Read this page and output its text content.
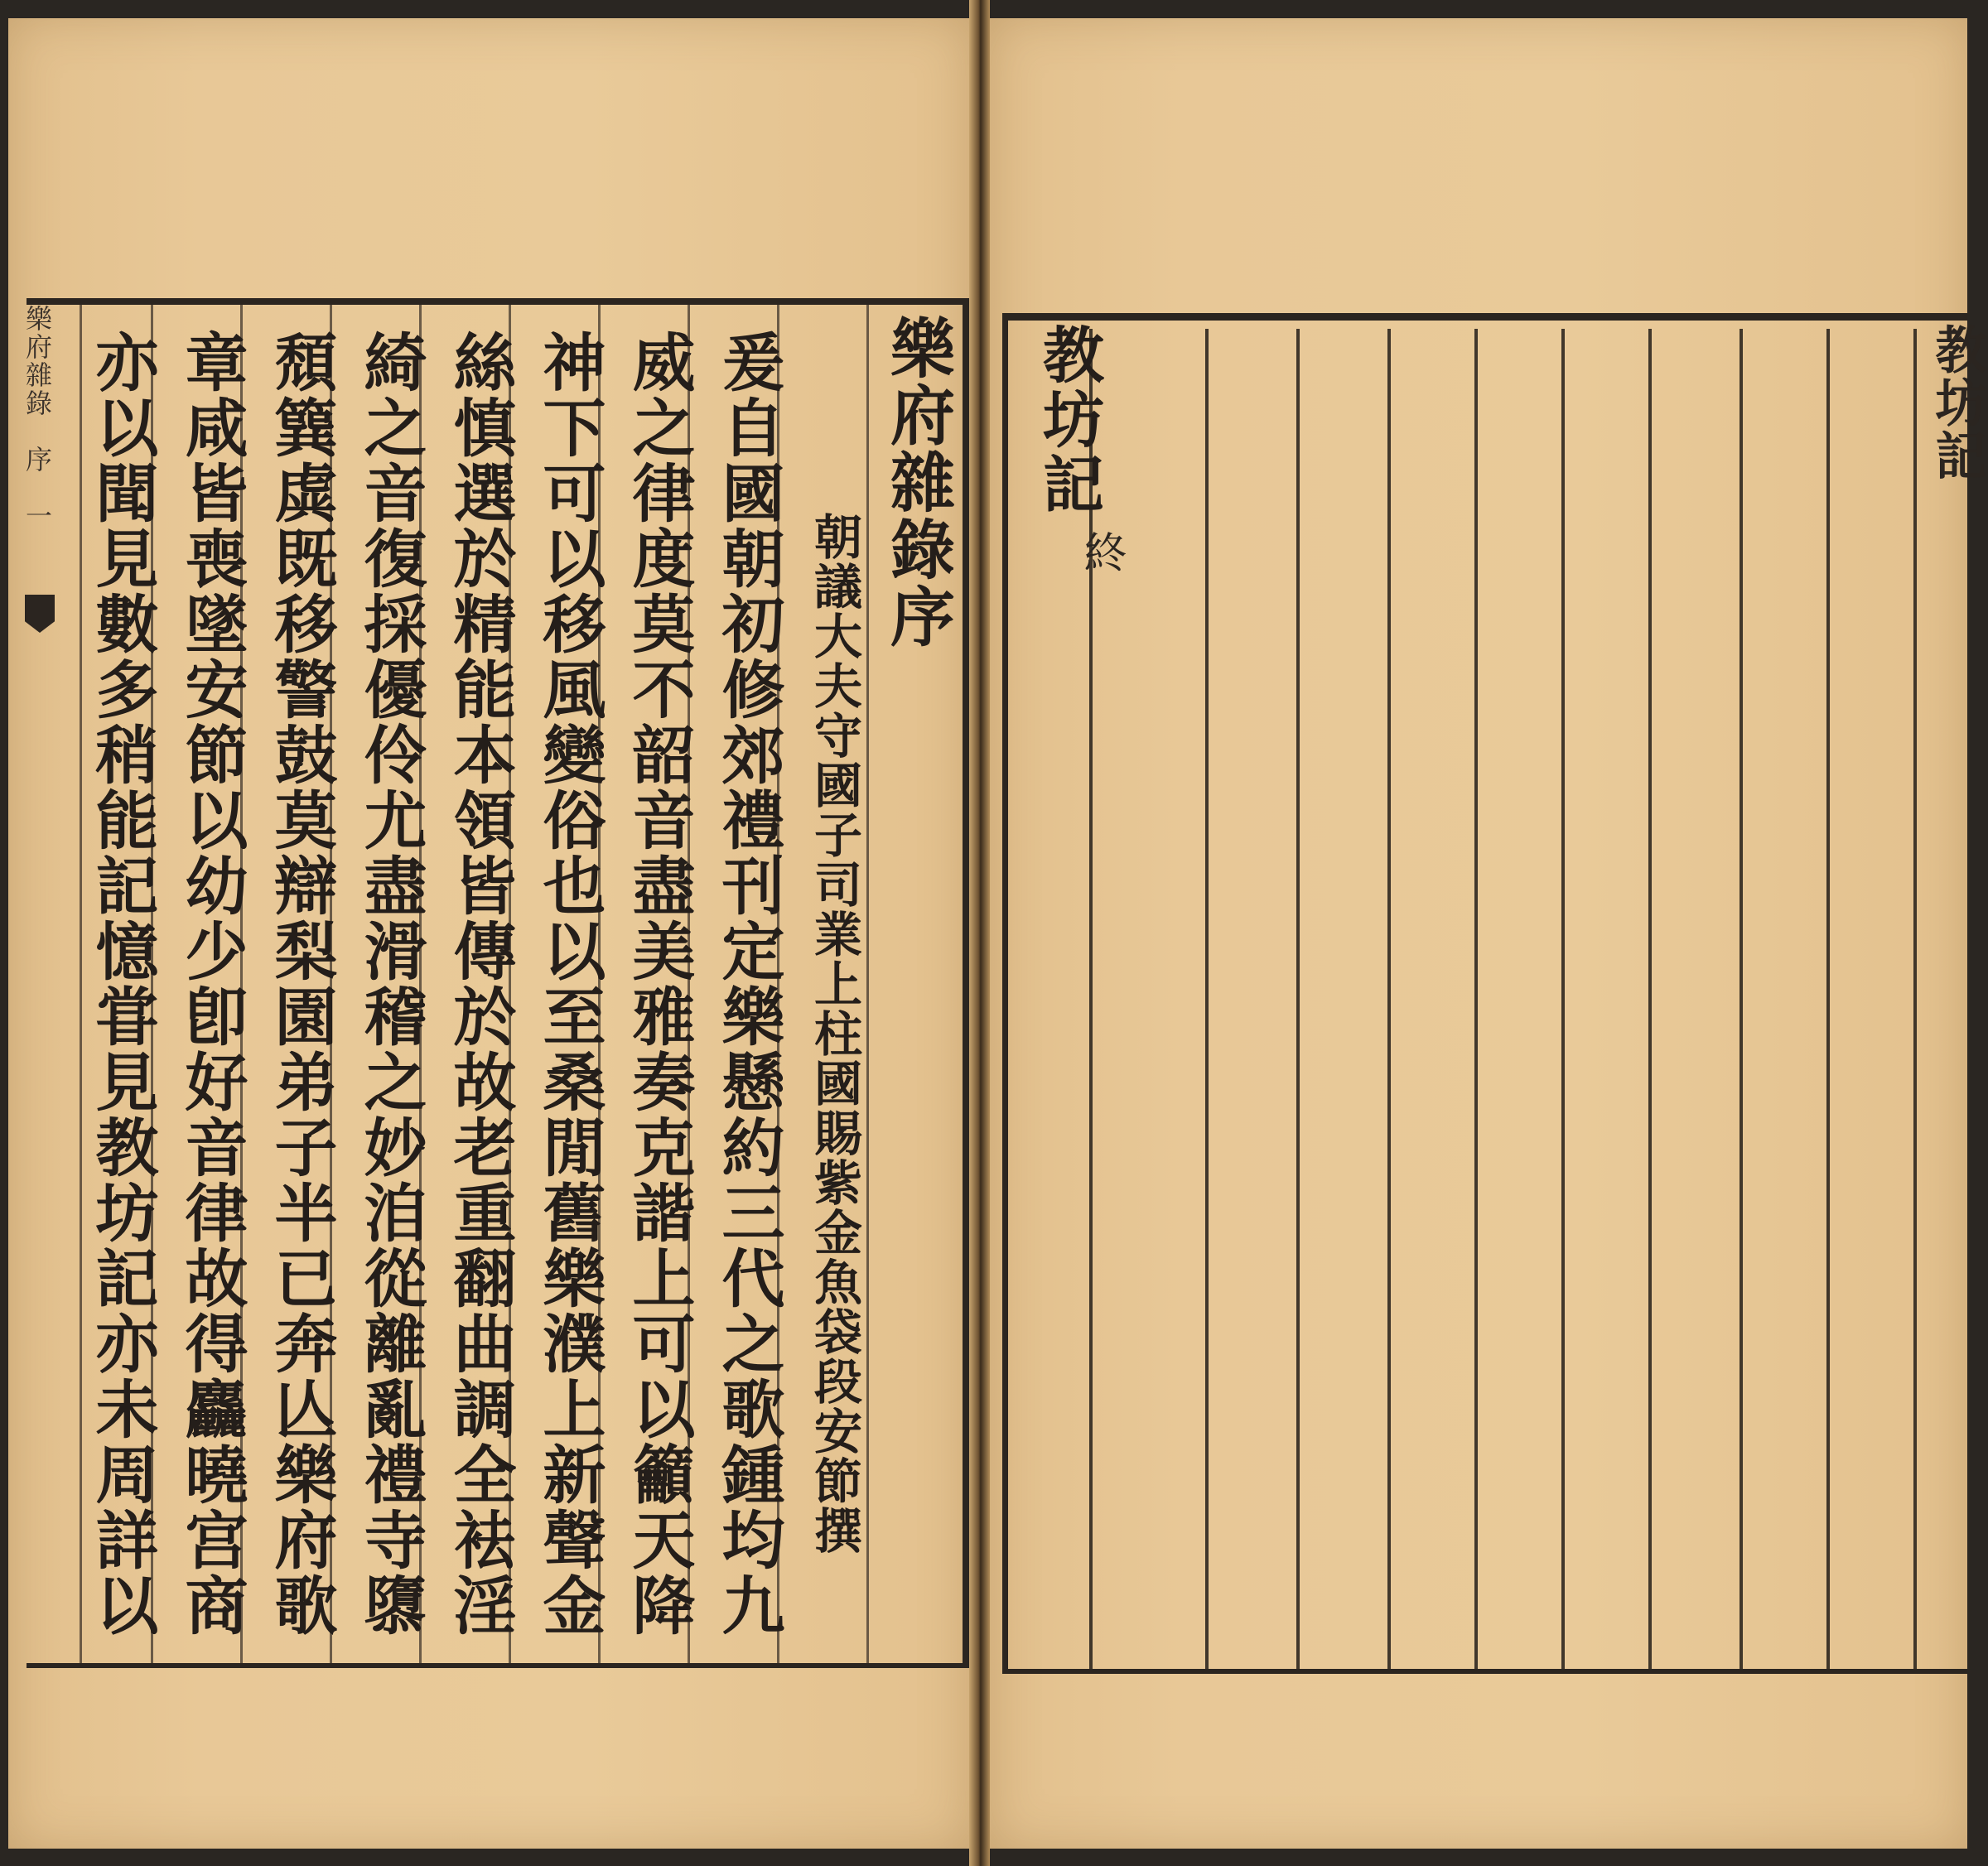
樂府雜錄　序　一	樂府雜錄序
朝議大夫守國子司業上柱國賜紫金魚袋段安節撰
爰自國朝初修郊禮刊定樂懸約三代之歌鍾均九
威之律度莫不韶音盡美雅奏克諧上可以籲天降
神下可以移風變俗也以至桑閒舊樂濮上新聲金
絲慎選於精能本領皆傳於故老重翻曲調全袪淫
綺之音復採優伶尤盡滑稽之妙洎從離亂禮寺隳
頹簨虡既移警鼓莫辯梨園弟子半已奔亾樂府歌
章咸皆喪墜安節以幼少卽好音律故得麤曉宫商
亦以聞見數多稍能記憶甞見教坊記亦未周詳以	教坊記
終
教坊記
